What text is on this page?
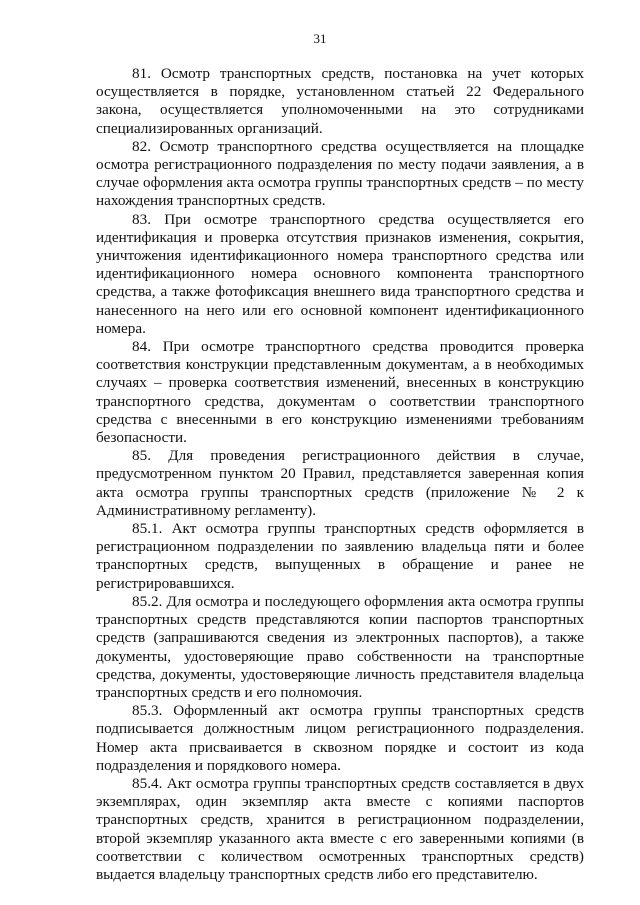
31

81. Осмотр транспортных средств, постановка на учет которых осуществляется в порядке, установленном статьей 22 Федерального закона, осуществляется уполномоченными на это сотрудниками специализированных организаций.

82. Осмотр транспортного средства осуществляется на площадке осмотра регистрационного подразделения по месту подачи заявления, а в случае оформления акта осмотра группы транспортных средств – по месту нахождения транспортных средств.

83. При осмотре транспортного средства осуществляется его идентификация и проверка отсутствия признаков изменения, сокрытия, уничтожения идентификационного номера транспортного средства или идентификационного номера основного компонента транспортного средства, а также фотофиксация внешнего вида транспортного средства и нанесенного на него или его основной компонент идентификационного номера.

84. При осмотре транспортного средства проводится проверка соответствия конструкции представленным документам, а в необходимых случаях – проверка соответствия изменений, внесенных в конструкцию транспортного средства, документам о соответствии транспортного средства с внесенными в его конструкцию изменениями требованиям безопасности.

85. Для проведения регистрационного действия в случае, предусмотренном пунктом 20 Правил, представляется заверенная копия акта осмотра группы транспортных средств (приложение № 2 к Административному регламенту).

85.1. Акт осмотра группы транспортных средств оформляется в регистрационном подразделении по заявлению владельца пяти и более транспортных средств, выпущенных в обращение и ранее не регистрировавшихся.

85.2. Для осмотра и последующего оформления акта осмотра группы транспортных средств представляются копии паспортов транспортных средств (запрашиваются сведения из электронных паспортов), а также документы, удостоверяющие право собственности на транспортные средства, документы, удостоверяющие личность представителя владельца транспортных средств и его полномочия.

85.3. Оформленный акт осмотра группы транспортных средств подписывается должностным лицом регистрационного подразделения. Номер акта присваивается в сквозном порядке и состоит из кода подразделения и порядкового номера.

85.4. Акт осмотра группы транспортных средств составляется в двух экземплярах, один экземпляр акта вместе с копиями паспортов транспортных средств, хранится в регистрационном подразделении, второй экземпляр указанного акта вместе с его заверенными копиями (в соответствии с количеством осмотренных транспортных средств) выдается владельцу транспортных средств либо его представителю.
